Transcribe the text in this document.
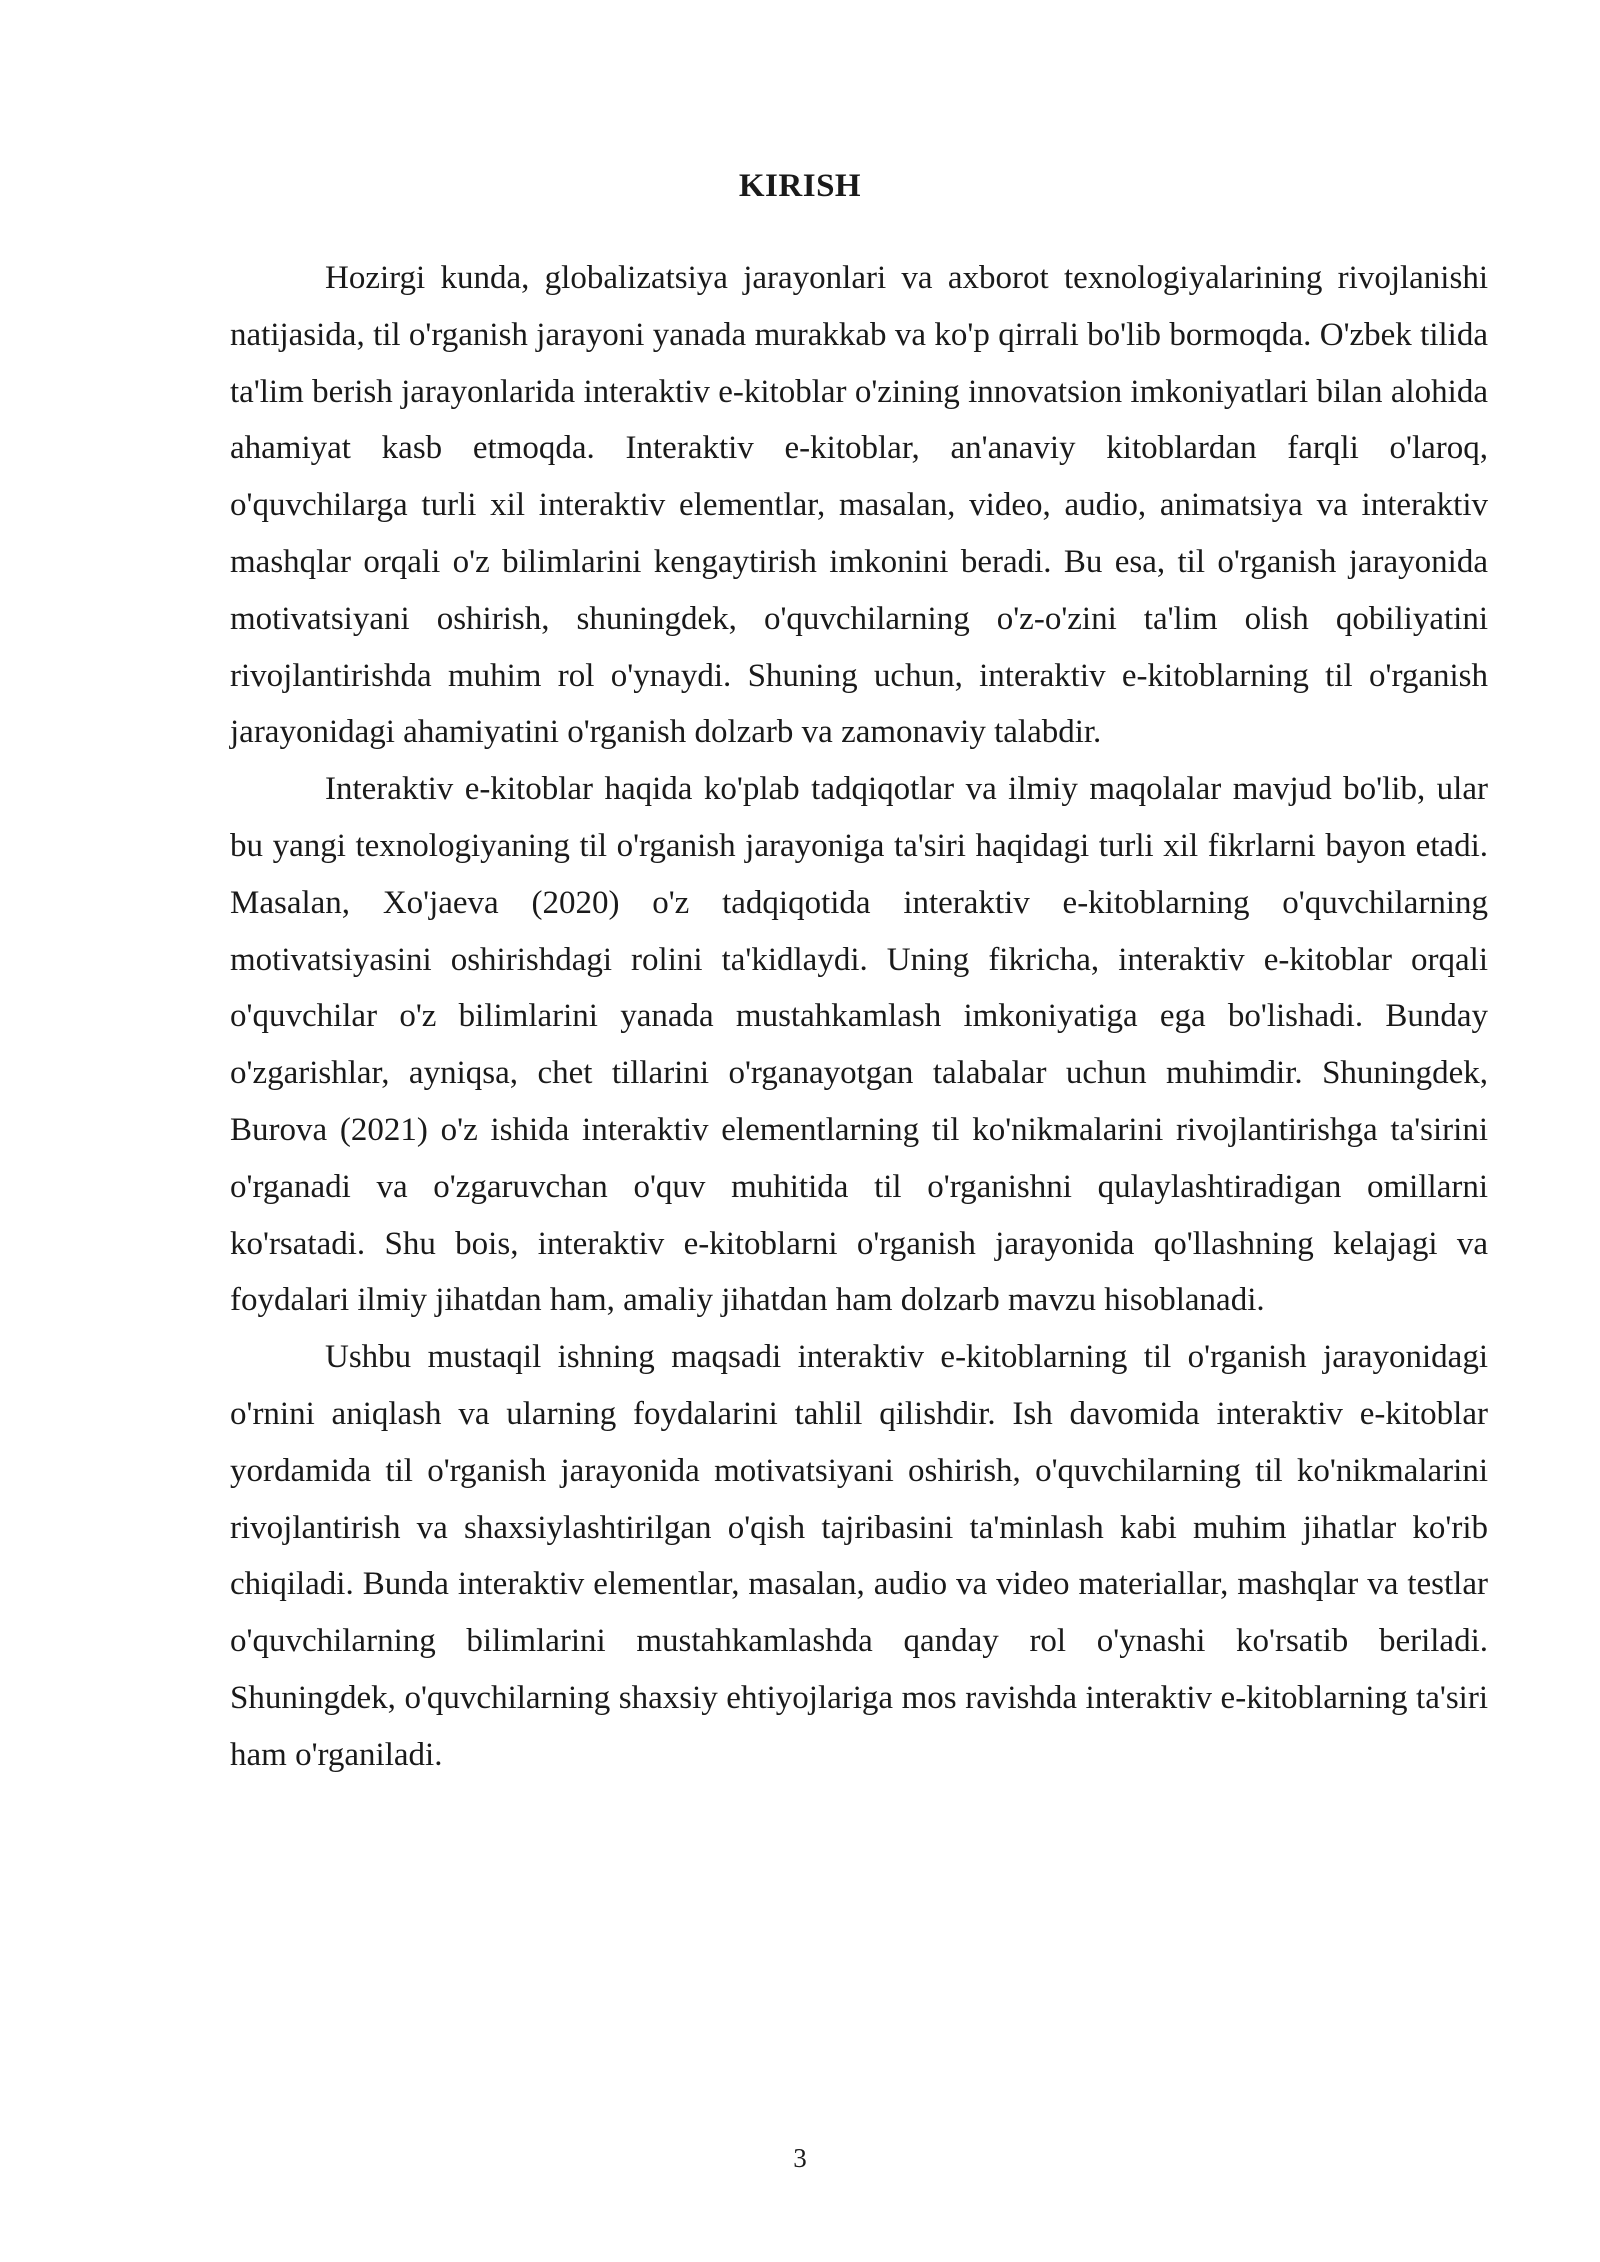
KIRISH

Hozirgi kunda, globalizatsiya jarayonlari va axborot texnologiyalarining rivojlanishi natijasida, til o'rganish jarayoni yanada murakkab va ko'p qirrali bo'lib bormoqda. O'zbek tilida ta'lim berish jarayonlarida interaktiv e-kitoblar o'zining innovatsion imkoniyatlari bilan alohida ahamiyat kasb etmoqda. Interaktiv e-kitoblar, an'anaviy kitoblardan farqli o'laroq, o'quvchilarga turli xil interaktiv elementlar, masalan, video, audio, animatsiya va interaktiv mashqlar orqali o'z bilimlarini kengaytirish imkonini beradi. Bu esa, til o'rganish jarayonida motivatsiyani oshirish, shuningdek, o'quvchilarning o'z-o'zini ta'lim olish qobiliyatini rivojlantirishda muhim rol o'ynaydi. Shuning uchun, interaktiv e-kitoblarning til o'rganish jarayonidagi ahamiyatini o'rganish dolzarb va zamonaviy talabdir.

Interaktiv e-kitoblar haqida ko'plab tadqiqotlar va ilmiy maqolalar mavjud bo'lib, ular bu yangi texnologiyaning til o'rganish jarayoniga ta'siri haqidagi turli xil fikrlarni bayon etadi. Masalan, Xo'jaeva (2020) o'z tadqiqotida interaktiv e-kitoblarning o'quvchilarning motivatsiyasini oshirishdagi rolini ta'kidlaydi. Uning fikricha, interaktiv e-kitoblar orqali o'quvchilar o'z bilimlarini yanada mustahkamlash imkoniyatiga ega bo'lishadi. Bunday o'zgarishlar, ayniqsa, chet tillarini o'rganayotgan talabalar uchun muhimdir. Shuningdek, Burova (2021) o'z ishida interaktiv elementlarning til ko'nikmalarini rivojlantirishga ta'sirini o'rganadi va o'zgaruvchan o'quv muhitida til o'rganishni qulaylashtiradigan omillarni ko'rsatadi. Shu bois, interaktiv e-kitoblarni o'rganish jarayonida qo'llashning kelajagi va foydalari ilmiy jihatdan ham, amaliy jihatdan ham dolzarb mavzu hisoblanadi.

Ushbu mustaqil ishning maqsadi interaktiv e-kitoblarning til o'rganish jarayonidagi o'rnini aniqlash va ularning foydalarini tahlil qilishdir. Ish davomida interaktiv e-kitoblar yordamida til o'rganish jarayonida motivatsiyani oshirish, o'quvchilarning til ko'nikmalarini rivojlantirish va shaxsiylashtirilgan o'qish tajribasini ta'minlash kabi muhim jihatlar ko'rib chiqiladi. Bunda interaktiv elementlar, masalan, audio va video materiallar, mashqlar va testlar o'quvchilarning bilimlarini mustahkamlashda qanday rol o'ynashi ko'rsatib beriladi. Shuningdek, o'quvchilarning shaxsiy ehtiyojlariga mos ravishda interaktiv e-kitoblarning ta'siri ham o'rganiladi.

3
